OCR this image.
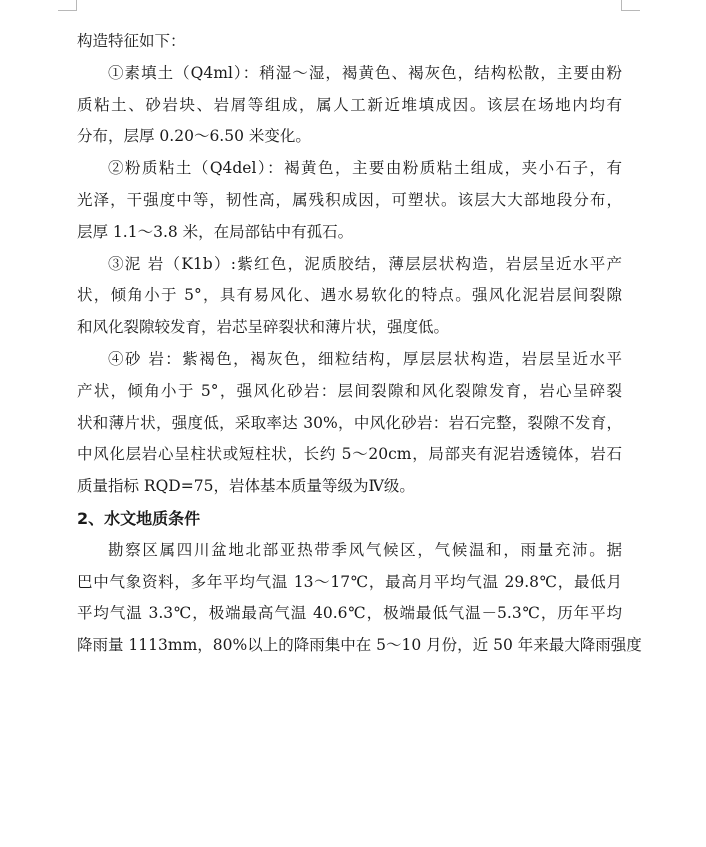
构造特征如下：

①素填土（Q4ml）：稍湿～湿，褐黄色、褐灰色，结构松散，主要由粉
质粘土、砂岩块、岩屑等组成，属人工新近堆填成因。该层在场地内均有
分布，层厚 0.20～6.50 米变化。

②粉质粘土（Q4del）：褐黄色，主要由粉质粘土组成，夹小石子，有
光泽，干强度中等，韧性高，属残积成因，可塑状。该层大大部地段分布，
层厚 1.1～3.8 米，在局部钻中有孤石。

③泥 岩（K1b）:紫红色，泥质胶结，薄层层状构造，岩层呈近水平产
状，倾角小于 5°，具有易风化、遇水易软化的特点。强风化泥岩层间裂隙
和风化裂隙较发育，岩芯呈碎裂状和薄片状，强度低。

④砂 岩：紫褐色，褐灰色，细粒结构，厚层层状构造，岩层呈近水平
产状，倾角小于 5°，强风化砂岩：层间裂隙和风化裂隙发育，岩心呈碎裂
状和薄片状，强度低，采取率达 30%，中风化砂岩：岩石完整，裂隙不发育，
中风化层岩心呈柱状或短柱状，长约 5～20cm，局部夹有泥岩透镜体，岩石
质量指标 RQD=75，岩体基本质量等级为Ⅳ级。

2、水文地质条件

勘察区属四川盆地北部亚热带季风气候区，气候温和，雨量充沛。据
巴中气象资料，多年平均气温 13～17℃，最高月平均气温 29.8℃，最低月
平均气温 3.3℃，极端最高气温 40.6℃，极端最低气温－5.3℃，历年平均
降雨量 1113mm，80%以上的降雨集中在 5～10 月份，近 50 年来最大降雨强度
